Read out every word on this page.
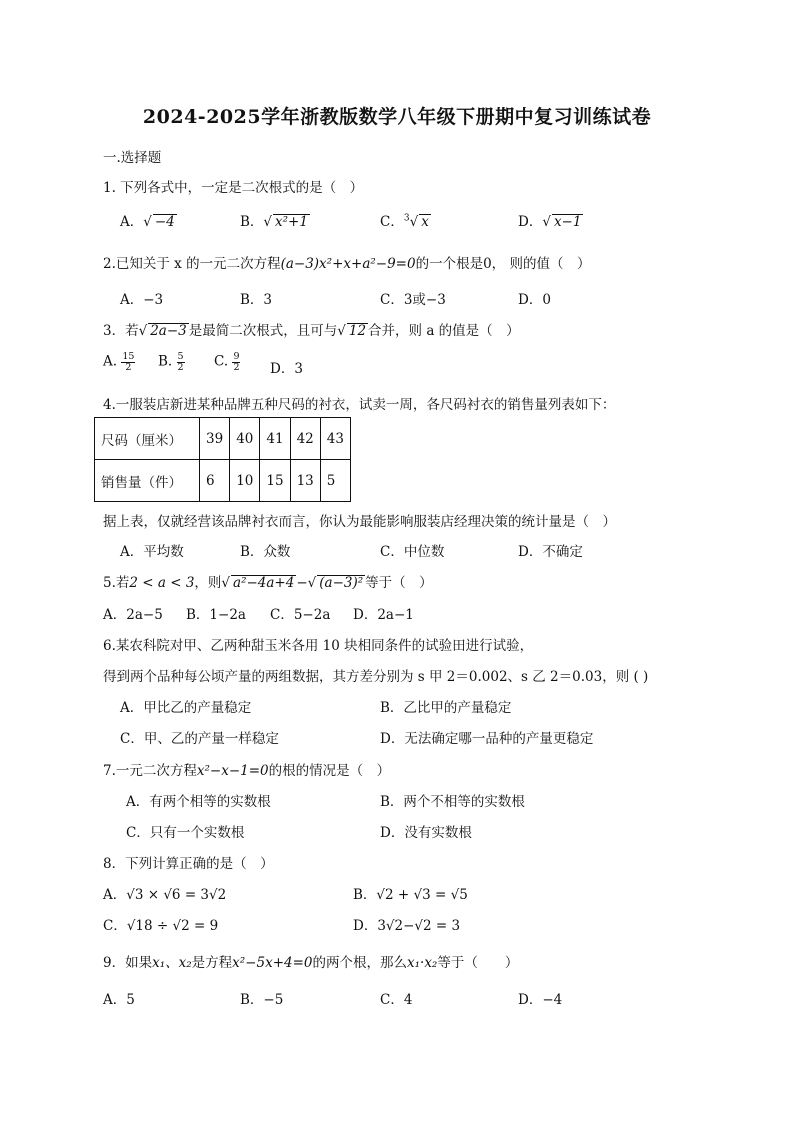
2024-2025学年浙教版数学八年级下册期中复习训练试卷
一.选择题
1. 下列各式中，一定是二次根式的是（　）
A．√ −4	B．√ x²+1	C．$^3$√ x	D．√ x−1
2.已知关于 x 的一元二次方程(a−3)x²+x+a²−9=0的一个根是0， 则的值（　）
A．−3	B．3	C．3或−3	D．0
3．若√ 2a−3 是最简二次根式，且可与√ 12 合并，则 a 的值是（　）
A. $\frac{15}{2} B$. $\frac{5}{2} C$. $\frac{9}{2}$ D．3
4.一服装店新进某种品牌五种尺码的衬衣，试卖一周，各尺码衬衣的销售量列表如下：
尺码（厘米）	39	40	41	42	43
销售量（件）	6	10	15	13	5
据上表，仅就经营该品牌衬衣而言，你认为最能影响服装店经理决策的统计量是（　）
A．平均数	B．众数	C．中位数	D．不确定
5.若2 < a < 3，则√ a²−4a+4 −√ (a−3)² 等于（　）
A．2a−5 B．1−2a C．5−2a D．2a−1
6.某农科院对甲、乙两种甜玉米各用 10 块相同条件的试验田进行试验，
得到两个品种每公顷产量的两组数据，其方差分别为 s 甲 2＝0.002、s 乙 2＝0.03，则 ( )
A．甲比乙的产量稳定	B．乙比甲的产量稳定
C．甲、乙的产量一样稳定	D．无法确定哪一品种的产量更稳定
7.一元二次方程x²−x−1=0的根的情况是（　）
A．有两个相等的实数根	B．两个不相等的实数根
C．只有一个实数根	D．没有实数根
8．下列计算正确的是（　）
A．√3 × √6 = 3√2	B．√2 + √3 = √5
C．√18 ÷ √2 = 9	D．3√2−√2 = 3
9．如果x₁、x₂是方程x²−5x+4=0的两个根，那么x₁·x₂等于（　　）
A．5	B．−5	C．4	D．−4
